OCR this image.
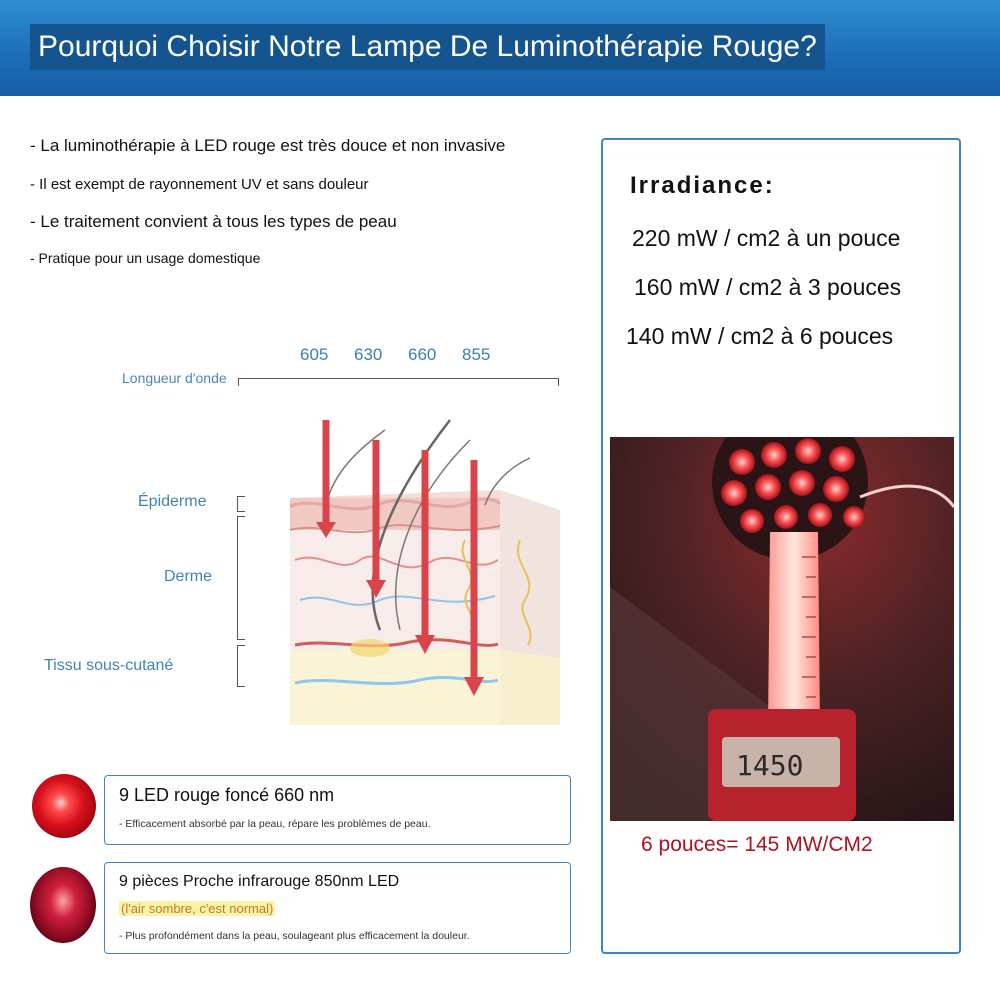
Pourquoi Choisir Notre Lampe De Luminothérapie Rouge?
- La luminothérapie à LED rouge est très douce et non invasive
- Il est exempt de rayonnement UV et sans douleur
- Le traitement convient à tous les types de peau
- Pratique pour un usage domestique
605 630 660 855
Longueur d'onde
Épiderme
Derme
Tissu sous-cutané
9 LED rouge foncé 660 nm
- Efficacement absorbé par la peau, répare les problèmes de peau.
9 pièces Proche infrarouge 850nm LED
(l'air sombre, c'est normal)
- Plus profondément dans la peau, soulageant plus efficacement la douleur.
Irradiance:
220 mW / cm2 à un pouce
160 mW / cm2 à 3 pouces
140 mW / cm2 à 6 pouces
1450
6 pouces= 145 MW/CM2
